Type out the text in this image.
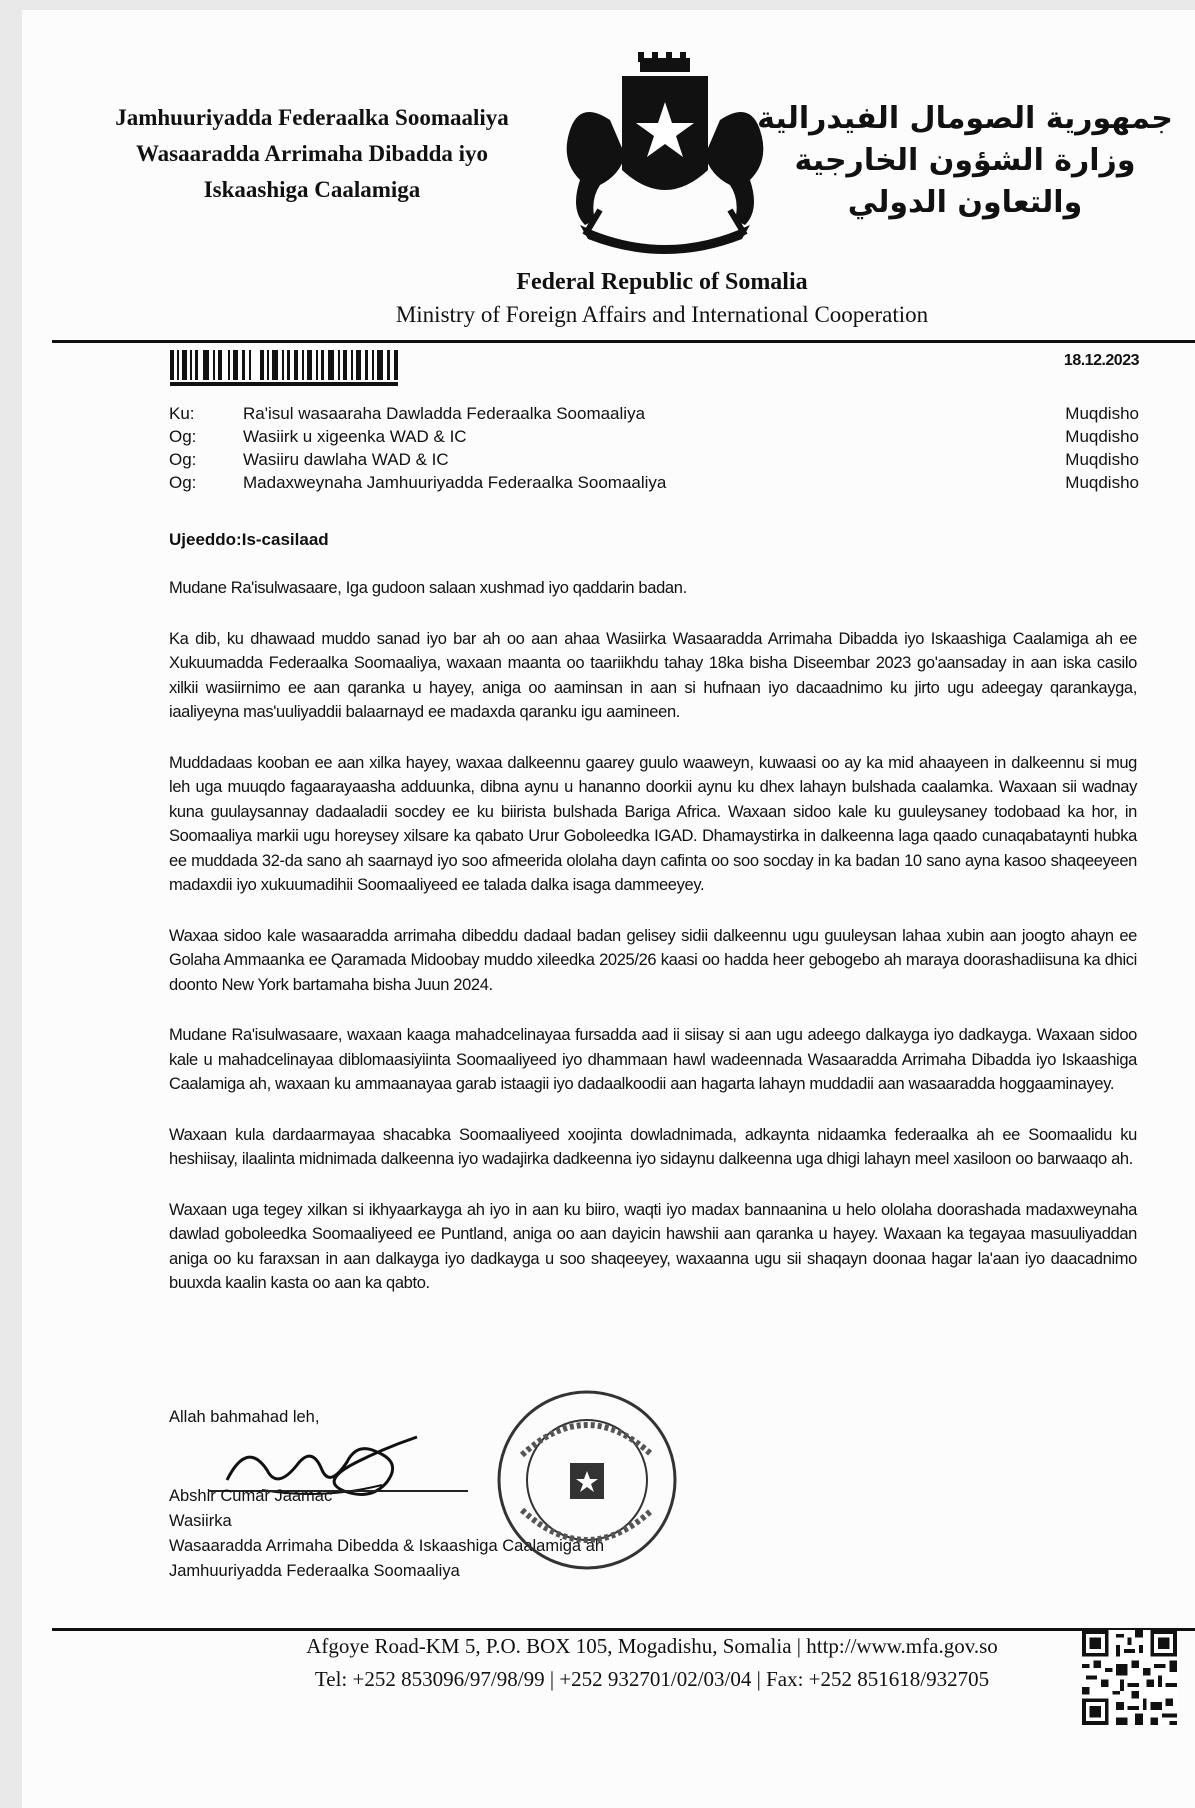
Jamhuuriyadda Federaalka Soomaaliya
Wasaaradda Arrimaha Dibadda iyo
Iskaashiga Caalamiga
جمهورية الصومال الفيدرالية
وزارة الشؤون الخارجية
والتعاون الدولي
Federal Republic of Somalia
Ministry of Foreign Affairs and International Cooperation
18.12.2023
Ku:	Ra'isul wasaaraha Dawladda Federaalka Soomaaliya	Muqdisho
Og:	Wasiirk u xigeenka WAD & IC	Muqdisho
Og:	Wasiiru dawlaha WAD & IC	Muqdisho
Og:	Madaxweynaha Jamhuuriyadda Federaalka Soomaaliya	Muqdisho
Ujeeddo:Is-casilaad

Mudane Ra'isulwasaare, Iga gudoon salaan xushmad iyo qaddarin badan.

Ka dib, ku dhawaad muddo sanad iyo bar ah oo aan ahaa Wasiirka Wasaaradda Arrimaha Dibadda iyo Iskaashiga Caalamiga ah ee Xukuumadda Federaalka Soomaaliya, waxaan maanta oo taariikhdu tahay 18ka bisha Diseembar 2023 go'aansaday in aan iska casilo xilkii wasiirnimo ee aan qaranka u hayey, aniga oo aaminsan in aan si hufnaan iyo dacaadnimo ku jirto ugu adeegay qarankayga, iaaliyeyna mas'uuliyaddii balaarnayd ee madaxda qaranku igu aamineen.

Muddadaas kooban ee aan xilka hayey, waxaa dalkeennu gaarey guulo waaweyn, kuwaasi oo ay ka mid ahaayeen in dalkeennu si mug leh uga muuqdo fagaarayaasha adduunka, dibna aynu u hananno doorkii aynu ku dhex lahayn bulshada caalamka. Waxaan sii wadnay kuna guulaysannay dadaaladii socdey ee ku biirista bulshada Bariga Africa. Waxaan sidoo kale ku guuleysaney todobaad ka hor, in Soomaaliya markii ugu horeysey xilsare ka qabato Urur Goboleedka IGAD. Dhamaystirka in dalkeenna laga qaado cunaqabataynti hubka ee muddada 32-da sano ah saarnayd iyo soo afmeerida ololaha dayn cafinta oo soo socday in ka badan 10 sano ayna kasoo shaqeeyeen madaxdii iyo xukuumadihii Soomaaliyeed ee talada dalka isaga dammeeyey.

Waxaa sidoo kale wasaaradda arrimaha dibeddu dadaal badan gelisey sidii dalkeennu ugu guuleysan lahaa xubin aan joogto ahayn ee Golaha Ammaanka ee Qaramada Midoobay muddo xileedka 2025/26 kaasi oo hadda heer gebogebo ah maraya doorashadiisuna ka dhici doonto New York bartamaha bisha Juun 2024.

Mudane Ra'isulwasaare, waxaan kaaga mahadcelinayaa fursadda aad ii siisay si aan ugu adeego dalkayga iyo dadkayga. Waxaan sidoo kale u mahadcelinayaa diblomaasiyiinta Soomaaliyeed iyo dhammaan hawl wadeennada Wasaaradda Arrimaha Dibadda iyo Iskaashiga Caalamiga ah, waxaan ku ammaanayaa garab istaagii iyo dadaalkoodii aan hagarta lahayn muddadii aan wasaaradda hoggaaminayey.

Waxaan kula dardaarmayaa shacabka Soomaaliyeed xoojinta dowladnimada, adkaynta nidaamka federaalka ah ee Soomaalidu ku heshiisay, ilaalinta midnimada dalkeenna iyo wadajirka dadkeenna iyo sidaynu dalkeenna uga dhigi lahayn meel xasiloon oo barwaaqo ah.

Waxaan uga tegey xilkan si ikhyaarkayga ah iyo in aan ku biiro, waqti iyo madax bannaanina u helo ololaha doorashada madaxweynaha dawlad goboleedka Soomaaliyeed ee Puntland, aniga oo aan dayicin hawshii aan qaranka u hayey. Waxaan ka tegayaa masuuliyaddan aniga oo ku faraxsan in aan dalkayga iyo dadkayga u soo shaqeeyey, waxaanna ugu sii shaqayn doonaa hagar la'aan iyo daacadnimo buuxda kaalin kasta oo aan ka qabto.

Allah bahmahad leh,
Abshir Cumar Jaamac
Wasiirka
Wasaaradda Arrimaha Dibedda & Iskaashiga Caalamiga ah
Jamhuuriyadda Federaalka Soomaaliya
Afgoye Road-KM 5, P.O. BOX 105, Mogadishu, Somalia | http://www.mfa.gov.so
Tel: +252 853096/97/98/99 | +252 932701/02/03/04 | Fax: +252 851618/932705
